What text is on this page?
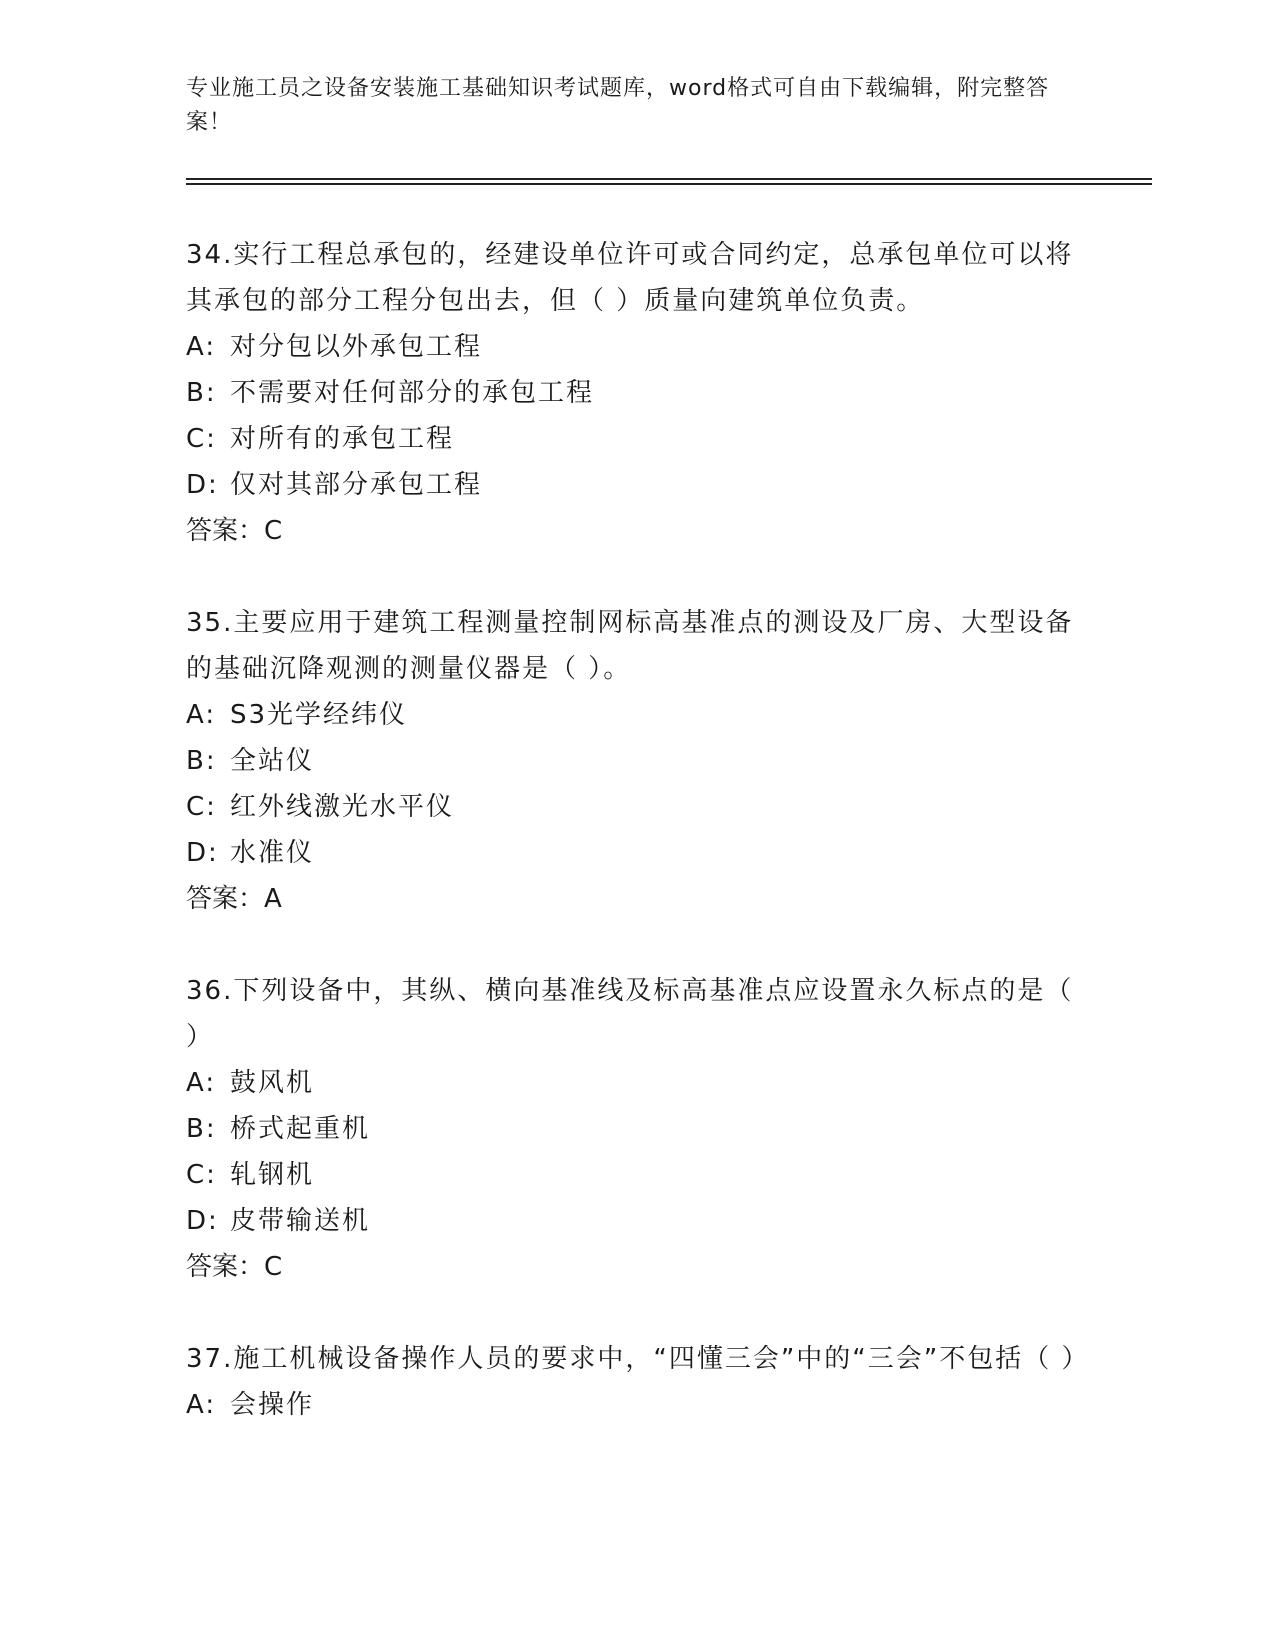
专业施工员之设备安装施工基础知识考试题库，word格式可自由下载编辑，附完整答案！

34.实行工程总承包的，经建设单位许可或合同约定，总承包单位可以将其承包的部分工程分包出去，但（ ）质量向建筑单位负责。

A: 对分包以外承包工程

B: 不需要对任何部分的承包工程

C: 对所有的承包工程

D: 仅对其部分承包工程

答案：C

35.主要应用于建筑工程测量控制网标高基准点的测设及厂房、大型设备的基础沉降观测的测量仪器是（ ）。

A: S3光学经纬仪

B: 全站仪

C: 红外线激光水平仪

D: 水准仪

答案：A

36.下列设备中，其纵、横向基准线及标高基准点应设置永久标点的是（ ）

A: 鼓风机

B: 桥式起重机

C: 轧钢机

D: 皮带输送机

答案：C

37.施工机械设备操作人员的要求中，“四懂三会”中的“三会”不包括（ ）

A: 会操作
